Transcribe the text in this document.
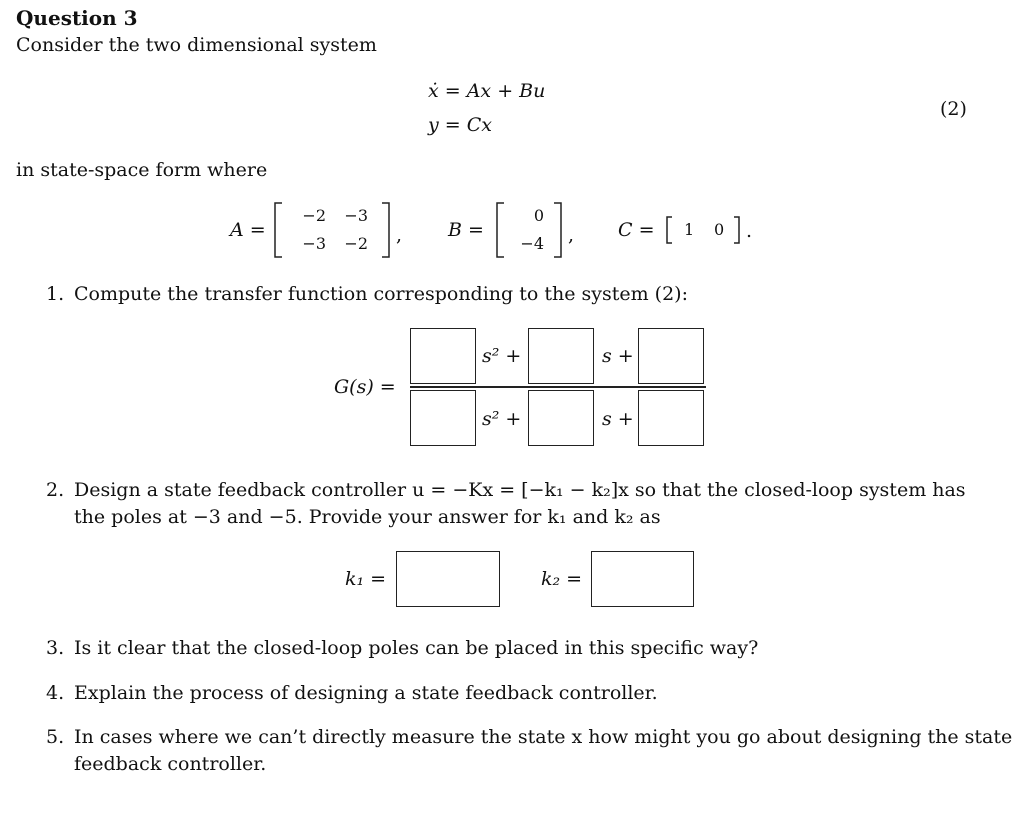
Question 3
Consider the two dimensional system
ẋ = Ax + Bu
y = Cx
(2)
in state-space form where
A =
−2 −3
−3 −2 , B =
0
−4 , C = 1 0 .
1. Compute the transfer function corresponding to the system (2):
G(s) =
s² +	s +
s² +	s +
2. Design a state feedback controller u = −Kx = [−k₁ − k₂]x so that the closed-loop system has
the poles at −3 and −5. Provide your answer for k₁ and k₂ as
k₁ =	k₂ =
3. Is it clear that the closed-loop poles can be placed in this specific way?
4. Explain the process of designing a state feedback controller.
5. In cases where we can’t directly measure the state x how might you go about designing the state
feedback controller.
